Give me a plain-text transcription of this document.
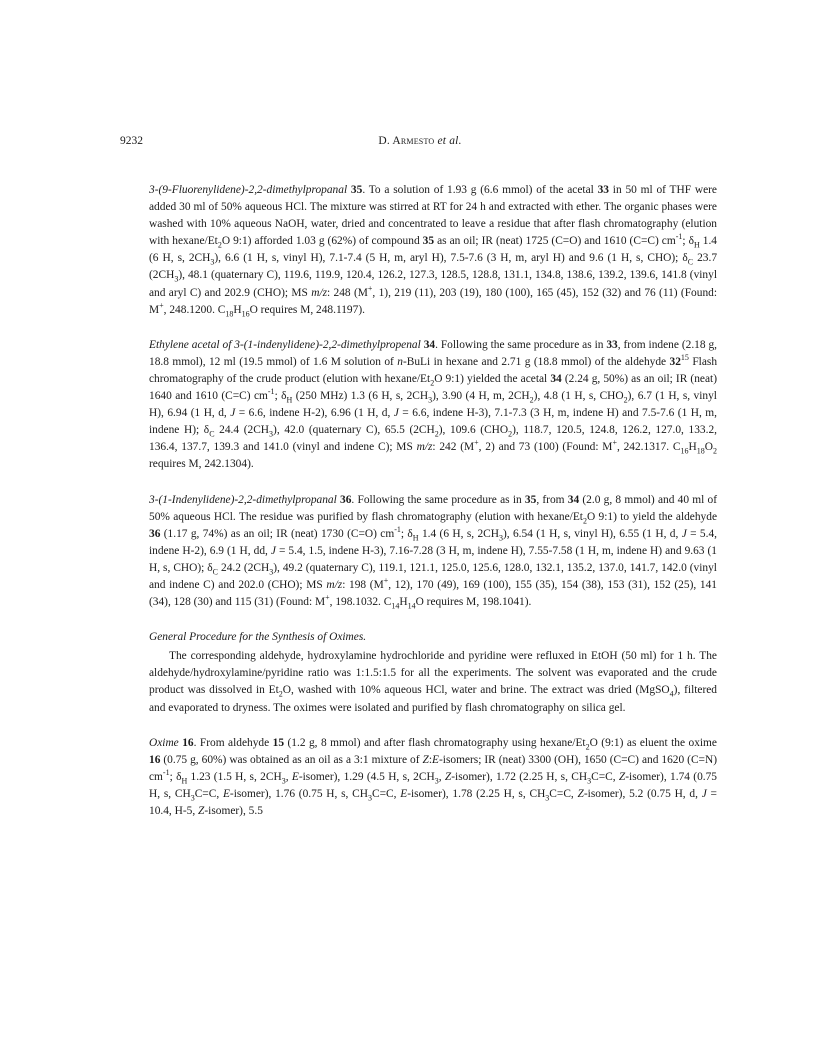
9232	D. Armesto et al.

3-(9-Fluorenylidene)-2,2-dimethylpropanal 35. To a solution of 1.93 g (6.6 mmol) of the acetal 33 in 50 ml of THF were added 30 ml of 50% aqueous HCl. The mixture was stirred at RT for 24 h and extracted with ether. The organic phases were washed with 10% aqueous NaOH, water, dried and concentrated to leave a residue that after flash chromatography (elution with hexane/$Et_2O$ 9:1) afforded 1.03 g (62%) of compound 35 as an oil; IR (neat) 1725 (C=O) and 1610 (C=C) $cm^{-1}$; $\delta_H$ 1.4 (6 H, s, $2CH_3$), 6.6 (1 H, s, vinyl H), 7.1-7.4 (5 H, m, aryl H), 7.5-7.6 (3 H, m, aryl H) and 9.6 (1 H, s, CHO); $\delta_C$ 23.7 $(2CH_3)$, 48.1 (quaternary C), 119.6, 119.9, 120.4, 126.2, 127.3, 128.5, 128.8, 131.1, 134.8, 138.6, 139.2, 139.6, 141.8 (vinyl and aryl C) and 202.9 (CHO); MS m/z: 248 (M+, 1), 219 (11), 203 (19), 180 (100), 165 (45), 152 (32) and 76 (11) (Found: M+, 248.1200. $C_{18}H_{16}O$ requires M, 248.1197).

Ethylene acetal of 3-(1-indenylidene)-2,2-dimethylpropenal 34. Following the same procedure as in 33, from indene (2.18 g, 18.8 mmol), 12 ml (19.5 mmol) of 1.6 M solution of n-BuLi in hexane and 2.71 g (18.8 mmol) of the aldehyde $32^{15}$ Flash chromatography of the crude product (elution with hexane/$Et_2O$ 9:1) yielded the acetal 34 (2.24 g, 50%) as an oil; IR (neat) 1640 and 1610 (C=C) $cm^{-1}$; $\delta_H$ (250 MHz) 1.3 (6 H, s, $2CH_3$), 3.90 (4 H, m, $2CH_2$), 4.8 (1 H, s, $CHO_2$), 6.7 (1 H, s, vinyl H), 6.94 (1 H, d, J = 6.6, indene H-2), 6.96 (1 H, d, J = 6.6, indene H-3), 7.1-7.3 (3 H, m, indene H) and 7.5-7.6 (1 H, m, indene H); $\delta_C$ 24.4 $(2CH_3)$, 42.0 (quaternary C), 65.5 $(2CH_2)$, 109.6 $(CHO_2)$, 118.7, 120.5, 124.8, 126.2, 127.0, 133.2, 136.4, 137.7, 139.3 and 141.0 (vinyl and indene C); MS m/z: 242 (M+, 2) and 73 (100) (Found: M+, 242.1317. $C_{16}H_{18}O_2$ requires M, 242.1304).

3-(1-Indenylidene)-2,2-dimethylpropanal 36. Following the same procedure as in 35, from 34 (2.0 g, 8 mmol) and 40 ml of 50% aqueous HCl. The residue was purified by flash chromatography (elution with hexane/$Et_2O$ 9:1) to yield the aldehyde 36 (1.17 g, 74%) as an oil; IR (neat) 1730 (C=O) $cm^{-1}$; $\delta_H$ 1.4 (6 H, s, $2CH_3$), 6.54 (1 H, s, vinyl H), 6.55 (1 H, d, J = 5.4, indene H-2), 6.9 (1 H, dd, J = 5.4, 1.5, indene H-3), 7.16-7.28 (3 H, m, indene H), 7.55-7.58 (1 H, m, indene H) and 9.63 (1 H, s, CHO); $\delta_C$ 24.2 $(2CH_3)$, 49.2 (quaternary C), 119.1, 121.1, 125.0, 125.6, 128.0, 132.1, 135.2, 137.0, 141.7, 142.0 (vinyl and indene C) and 202.0 (CHO); MS m/z: 198 (M+, 12), 170 (49), 169 (100), 155 (35), 154 (38), 153 (31), 152 (25), 141 (34), 128 (30) and 115 (31) (Found: M+, 198.1032. $C_{14}H_{14}O$ requires M, 198.1041).

General Procedure for the Synthesis of Oximes.

The corresponding aldehyde, hydroxylamine hydrochloride and pyridine were refluxed in EtOH (50 ml) for 1 h. The aldehyde/hydroxylamine/pyridine ratio was 1:1.5:1.5 for all the experiments. The solvent was evaporated and the crude product was dissolved in $Et_2O$, washed with 10% aqueous HCl, water and brine. The extract was dried (MgSO$_4$), filtered and evaporated to dryness. The oximes were isolated and purified by flash chromatography on silica gel.

Oxime 16. From aldehyde 15 (1.2 g, 8 mmol) and after flash chromatography using hexane/$Et_2O$ (9:1) as eluent the oxime 16 (0.75 g, 60%) was obtained as an oil as a 3:1 mixture of Z:E-isomers; IR (neat) 3300 (OH), 1650 (C=C) and 1620 (C=N) $cm^{-1}$; $\delta_H$ 1.23 (1.5 H, s, $2CH_3$, E-isomer), 1.29 (4.5 H, s, $2CH_3$, Z-isomer), 1.72 (2.25 H, s, $CH_3C=C$, Z-isomer), 1.74 (0.75 H, s, $CH_3C=C$, E-isomer), 1.76 (0.75 H, s, $CH_3C=C$, E-isomer), 1.78 (2.25 H, s, $CH_3C=C$, Z-isomer), 5.2 (0.75 H, d, J = 10.4, H-5, Z-isomer), 5.5
